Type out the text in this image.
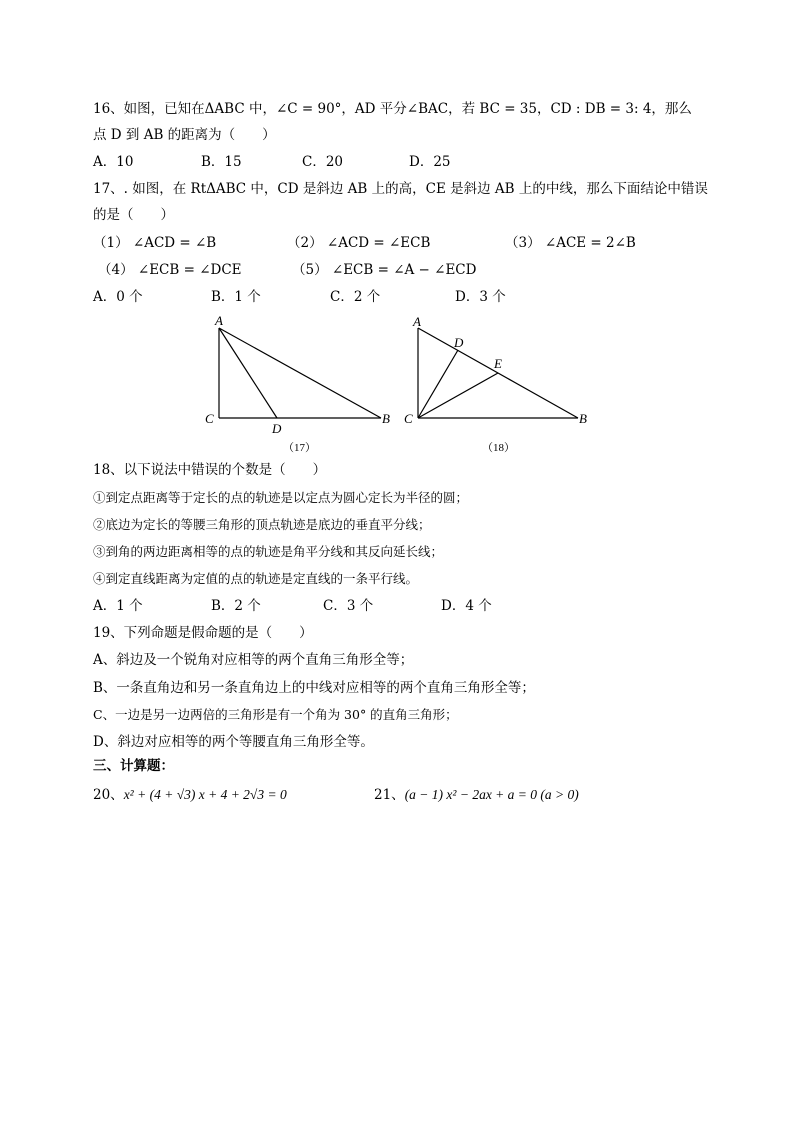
16、如图，已知在ΔABC 中，∠C = 90°，AD 平分∠BAC，若 BC = 35，CD : DB = 3: 4，那么
点 D 到 AB 的距离为（　　）
A．10	B．15	C．20	D．25
17、. 如图，在 RtΔABC 中，CD 是斜边 AB 上的高，CE 是斜边 AB 上的中线，那么下面结论中错误
的是（　　）
（1） ∠ACD = ∠B	（2） ∠ACD = ∠ECB	（3） ∠ACE = 2∠B
（4） ∠ECB = ∠DCE	（5） ∠ECB = ∠A − ∠ECD
A．0 个	B．1 个	C．2 个	D．3 个
A
C
D
B
（17）
A
D
E
C	B
（18）
18、以下说法中错误的个数是（　　）
①到定点距离等于定长的点的轨迹是以定点为圆心定长为半径的圆；
②底边为定长的等腰三角形的顶点轨迹是底边的垂直平分线；
③到角的两边距离相等的点的轨迹是角平分线和其反向延长线；
④到定直线距离为定值的点的轨迹是定直线的一条平行线。
A．1 个	B．2 个	C．3 个	D．4 个
19、下列命题是假命题的是（　　）
A、斜边及一个锐角对应相等的两个直角三角形全等；
B、一条直角边和另一条直角边上的中线对应相等的两个直角三角形全等；
C、一边是另一边两倍的三角形是有一个角为 30° 的直角三角形；
D、斜边对应相等的两个等腰直角三角形全等。
三、计算题：
20、x² + (4 + √3) x + 4 + 2√3 = 0	21、(a − 1) x² − 2ax + a = 0 (a > 0)
